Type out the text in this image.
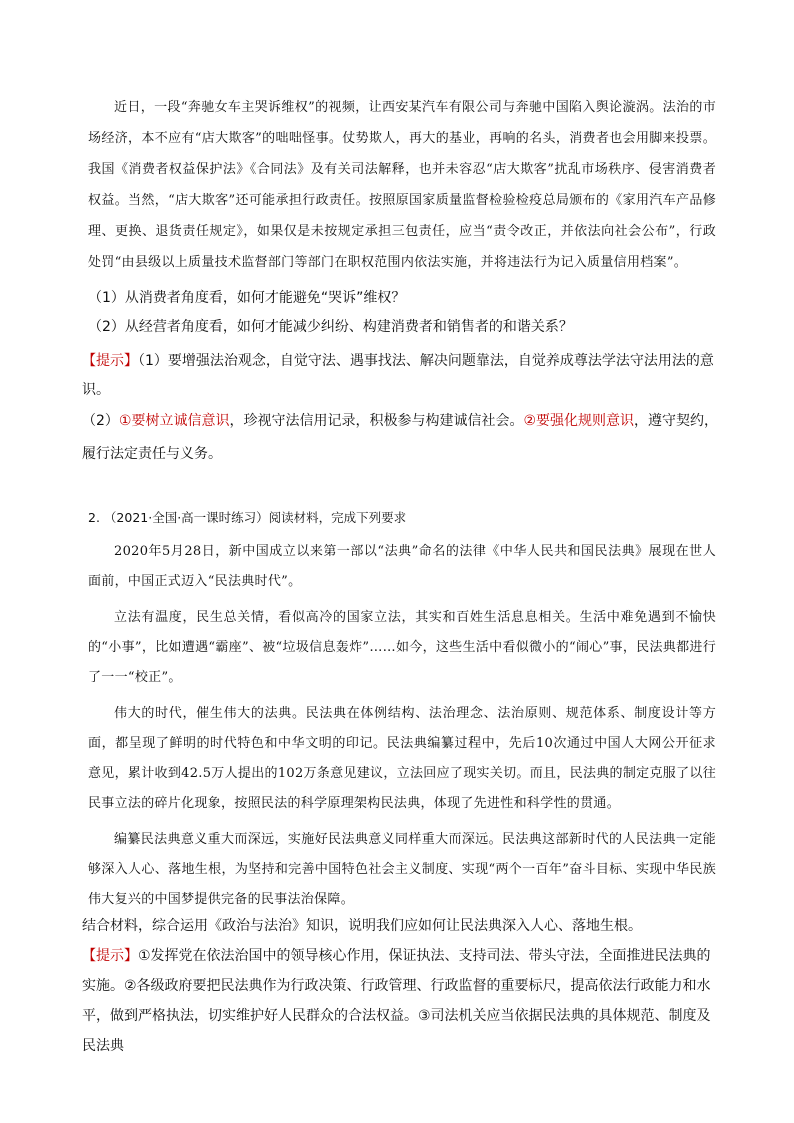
近日，一段“奔驰女车主哭诉维权”的视频，让西安某汽车有限公司与奔驰中国陷入舆论漩涡。法治的市场经济，本不应有“店大欺客”的咄咄怪事。仗势欺人，再大的基业，再响的名头，消费者也会用脚来投票。我国《消费者权益保护法》《合同法》及有关司法解释，也并未容忍“店大欺客”扰乱市场秩序、侵害消费者权益。当然，“店大欺客”还可能承担行政责任。按照原国家质量监督检验检疫总局颁布的《家用汽车产品修理、更换、退货责任规定》，如果仅是未按规定承担三包责任，应当“责令改正，并依法向社会公布”，行政处罚“由县级以上质量技术监督部门等部门在职权范围内依法实施，并将违法行为记入质量信用档案”。

（1）从消费者角度看，如何才能避免“哭诉”维权？

（2）从经营者角度看，如何才能减少纠纷、构建消费者和销售者的和谐关系？

【提示】（1）要增强法治观念，自觉守法、遇事找法、解决问题靠法，自觉养成尊法学法守法用法的意识。

（2）①要树立诚信意识，珍视守法信用记录，积极参与构建诚信社会。②要强化规则意识，遵守契约，履行法定责任与义务。

2. （2021·全国·高一课时练习）阅读材料，完成下列要求

2020年5月28日，新中国成立以来第一部以“法典”命名的法律《中华人民共和国民法典》展现在世人面前，中国正式迈入“民法典时代”。

立法有温度，民生总关情，看似高冷的国家立法，其实和百姓生活息息相关。生活中难免遇到不愉快的“小事”，比如遭遇“霸座”、被“垃圾信息轰炸”……如今，这些生活中看似微小的“闹心”事，民法典都进行了一一“校正”。

伟大的时代，催生伟大的法典。民法典在体例结构、法治理念、法治原则、规范体系、制度设计等方面，都呈现了鲜明的时代特色和中华文明的印记。民法典编纂过程中，先后10次通过中国人大网公开征求意见，累计收到42.5万人提出的102万条意见建议，立法回应了现实关切。而且，民法典的制定克服了以往民事立法的碎片化现象，按照民法的科学原理架构民法典，体现了先进性和科学性的贯通。

编纂民法典意义重大而深远，实施好民法典意义同样重大而深远。民法典这部新时代的人民法典一定能够深入人心、落地生根，为坚持和完善中国特色社会主义制度、实现“两个一百年”奋斗目标、实现中华民族伟大复兴的中国梦提供完备的民事法治保障。

结合材料，综合运用《政治与法治》知识，说明我们应如何让民法典深入人心、落地生根。

【提示】①发挥党在依法治国中的领导核心作用，保证执法、支持司法、带头守法，全面推进民法典的实施。②各级政府要把民法典作为行政决策、行政管理、行政监督的重要标尺，提高依法行政能力和水平，做到严格执法，切实维护好人民群众的合法权益。③司法机关应当依据民法典的具体规范、制度及民法典
